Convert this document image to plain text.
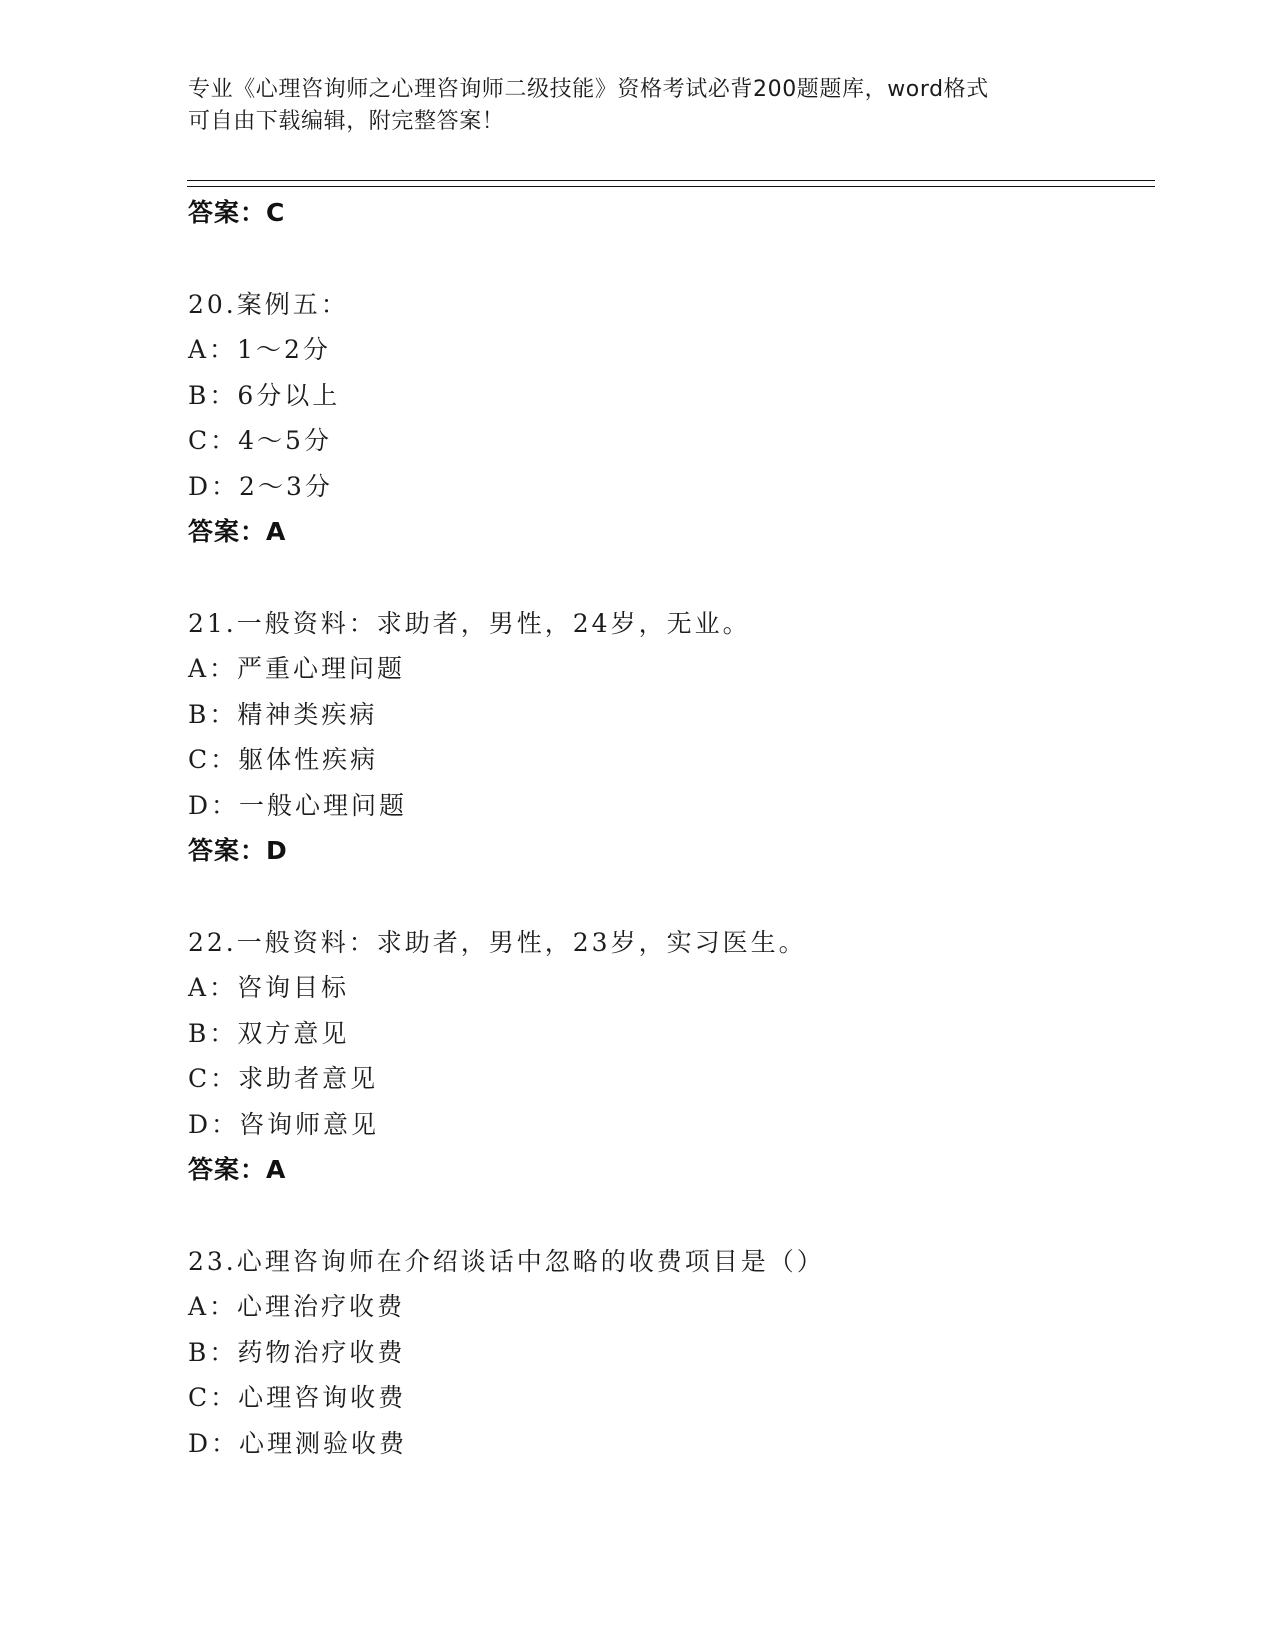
专业《心理咨询师之心理咨询师二级技能》资格考试必背200题题库，word格式
可自由下载编辑，附完整答案！
答案：C
20.案例五：
A：1～2分
B：6分以上
C：4～5分
D：2～3分
答案：A
21.一般资料：求助者，男性，24岁，无业。
A：严重心理问题
B：精神类疾病
C：躯体性疾病
D：一般心理问题
答案：D
22.一般资料：求助者，男性，23岁，实习医生。
A：咨询目标
B：双方意见
C：求助者意见
D：咨询师意见
答案：A
23.心理咨询师在介绍谈话中忽略的收费项目是（）
A：心理治疗收费
B：药物治疗收费
C：心理咨询收费
D：心理测验收费
